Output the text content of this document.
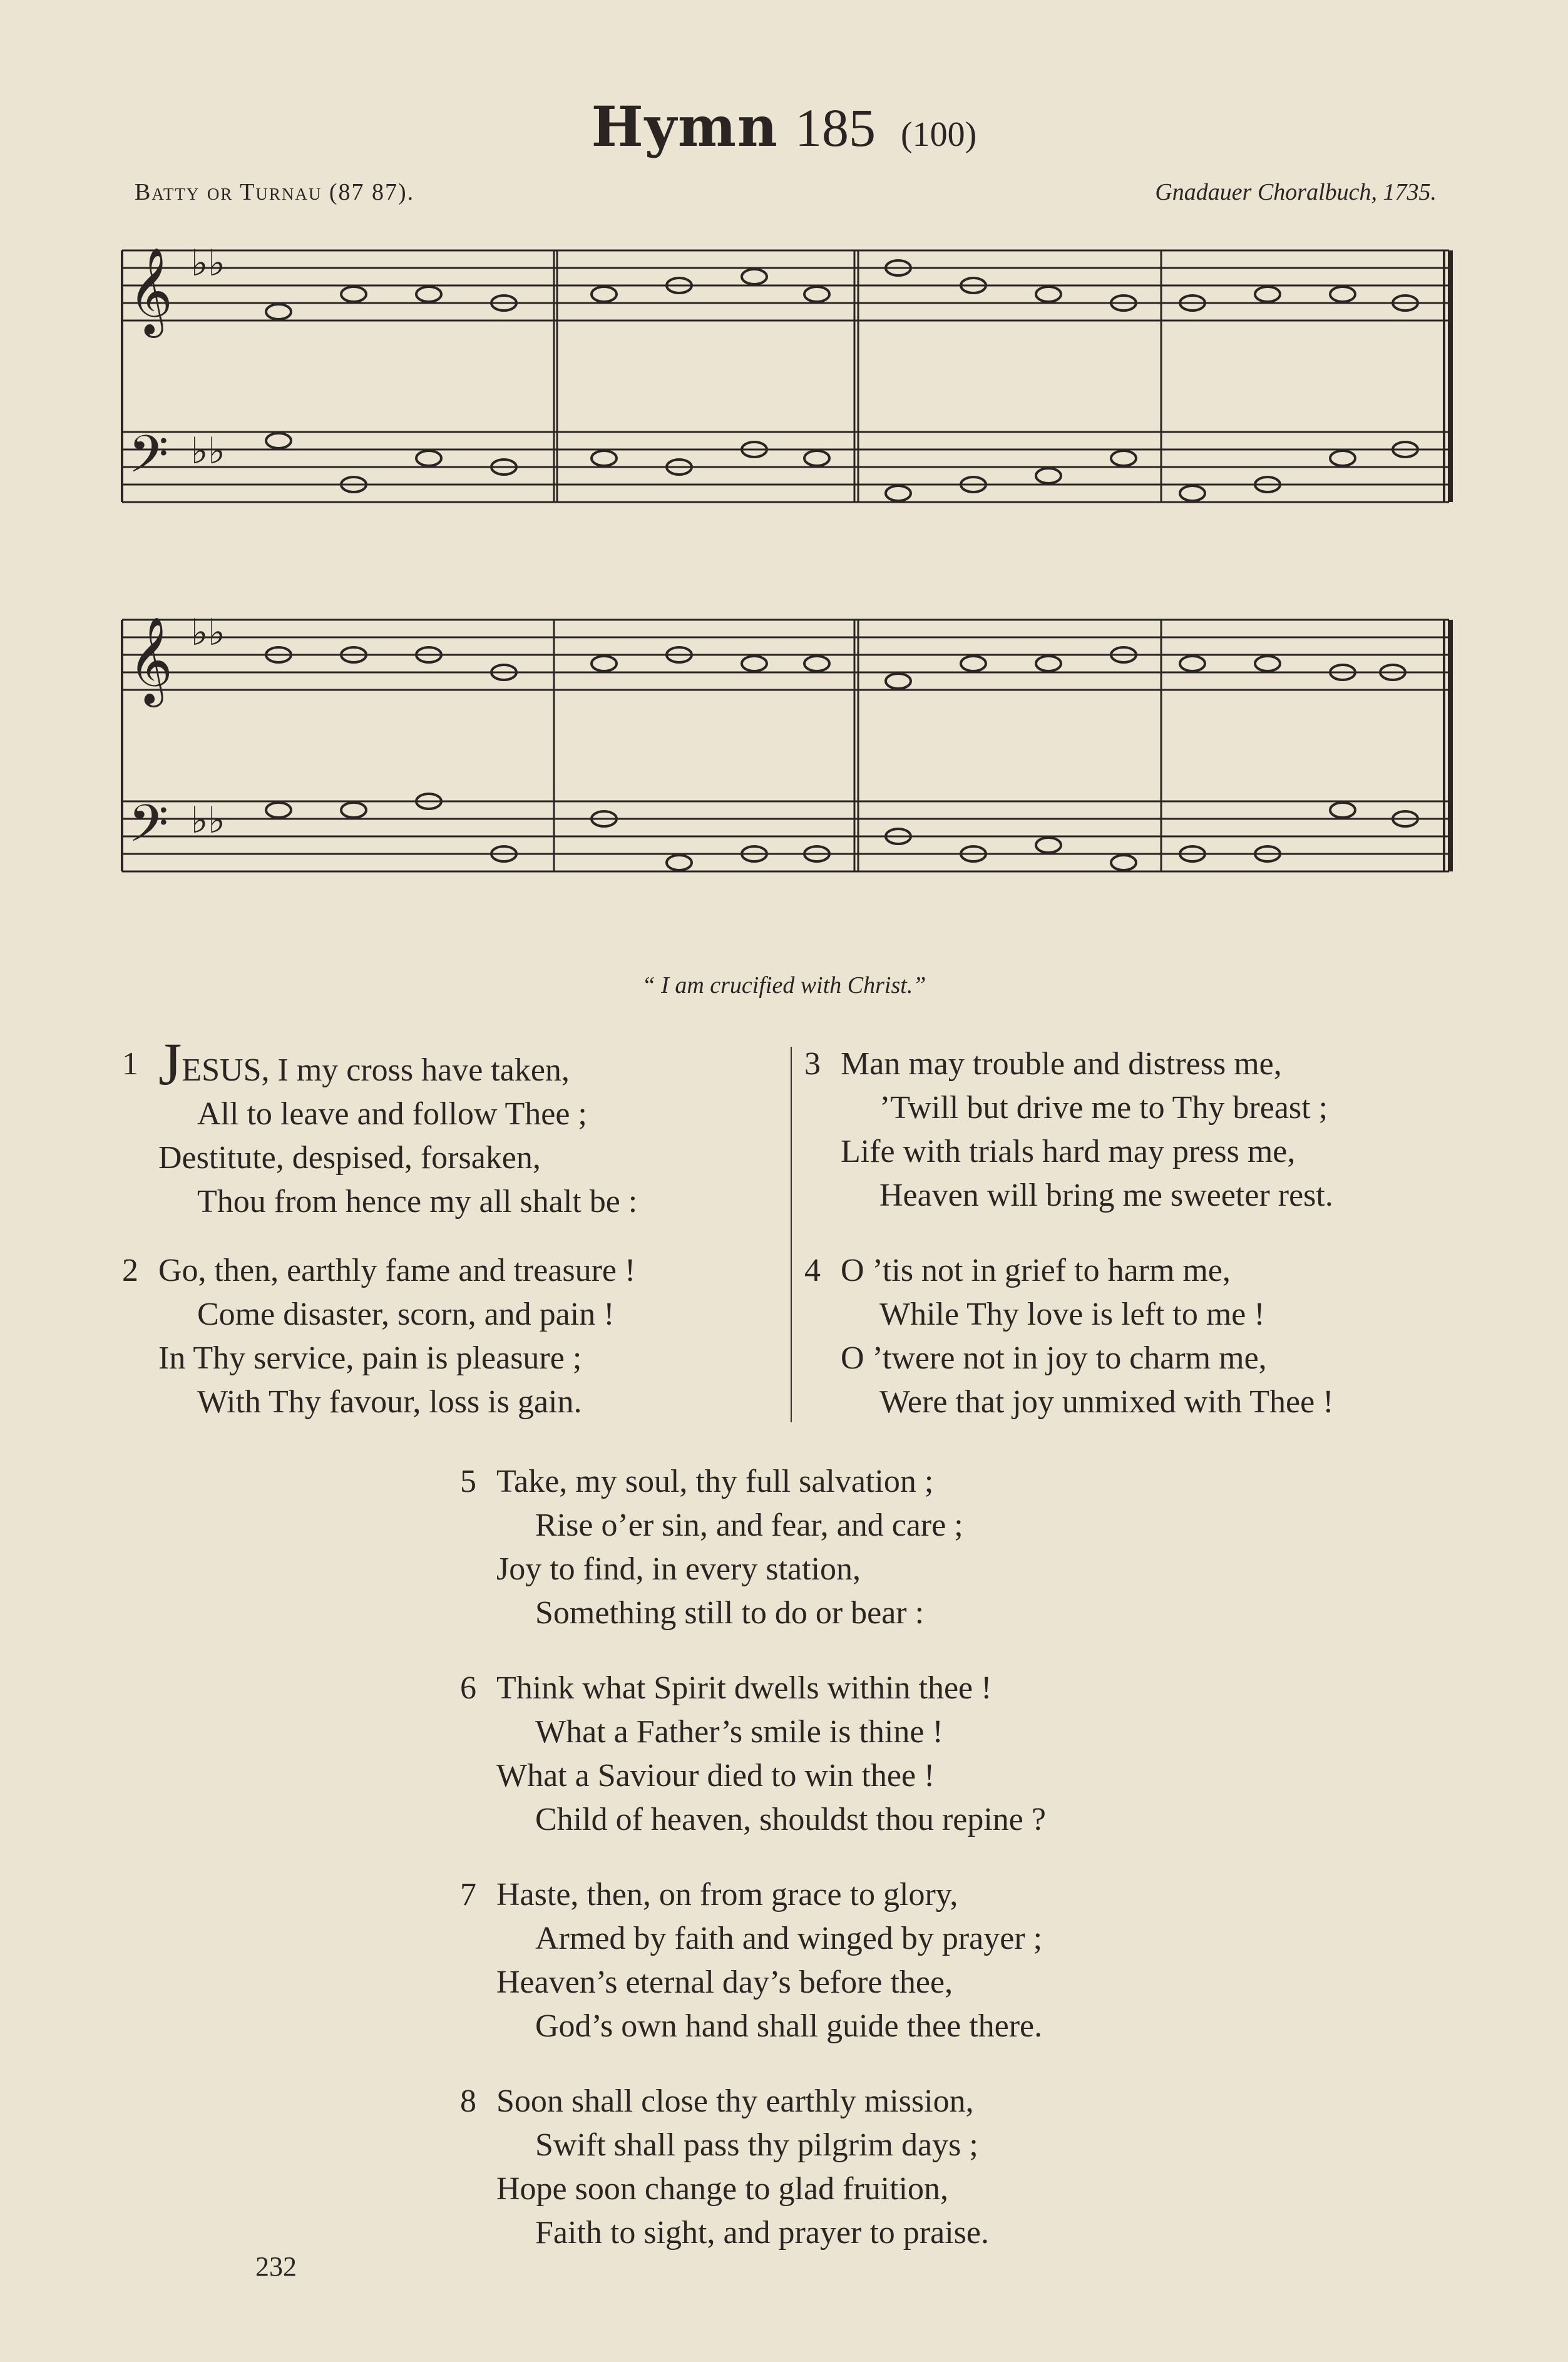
Hymn 185 (100)
Batty or Turnau (87 87).	Gnadauer Choralbuch, 1735.
𝄞
𝄢
♭♭
♭♭
𝄞
𝄢
♭♭
♭♭
“ I am crucified with Christ.”
1 JESUS, I my cross have taken,
All to leave and follow Thee ;
Destitute, despised, forsaken,
Thou from hence my all shalt be :
2 Go, then, earthly fame and treasure !
Come disaster, scorn, and pain !
In Thy service, pain is pleasure ;
With Thy favour, loss is gain.
3 Man may trouble and distress me,
’Twill but drive me to Thy breast ;
Life with trials hard may press me,
Heaven will bring me sweeter rest.
4 O ’tis not in grief to harm me,
While Thy love is left to me !
O ’twere not in joy to charm me,
Were that joy unmixed with Thee !
5 Take, my soul, thy full salvation ;
Rise o’er sin, and fear, and care ;
Joy to find, in every station,
Something still to do or bear :
6 Think what Spirit dwells within thee !
What a Father’s smile is thine !
What a Saviour died to win thee !
Child of heaven, shouldst thou repine ?
7 Haste, then, on from grace to glory,
Armed by faith and winged by prayer ;
Heaven’s eternal day’s before thee,
God’s own hand shall guide thee there.
8 Soon shall close thy earthly mission,
Swift shall pass thy pilgrim days ;
Hope soon change to glad fruition,
Faith to sight, and prayer to praise.
232
